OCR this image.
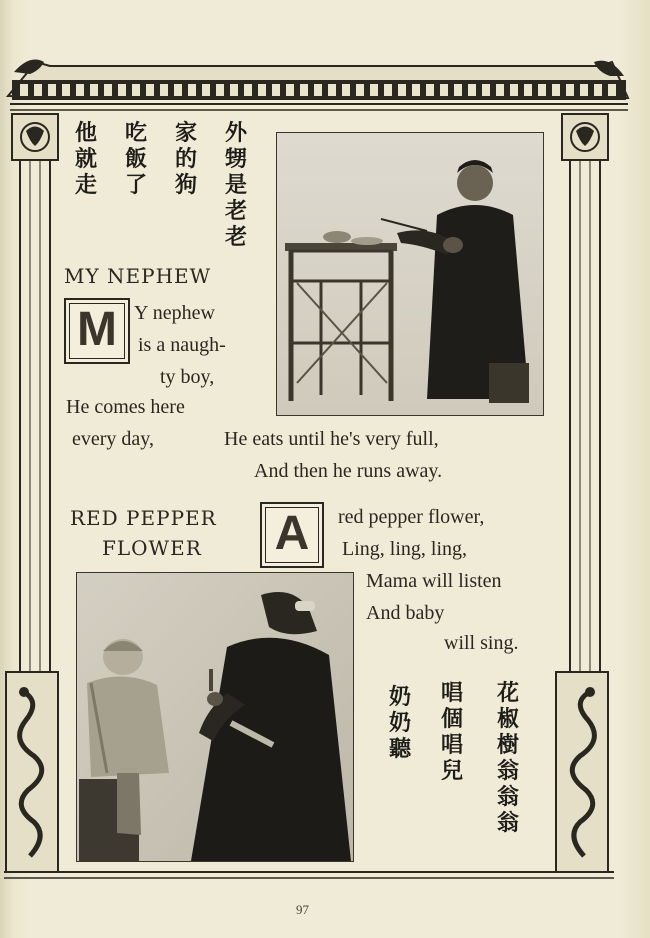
外甥是老老
家的狗
吃飯了
他就走
MY NEPHEW
M Y nephew
is a naugh-
ty boy,
He comes here
every day,	He eats until he's very full,
And then he runs away.
RED PEPPER
FLOWER	A	red pepper flower,
Ling, ling, ling,
Mama will listen
And baby
will sing.
花椒樹翁翁翁
唱個唱兒
奶奶聽
97
